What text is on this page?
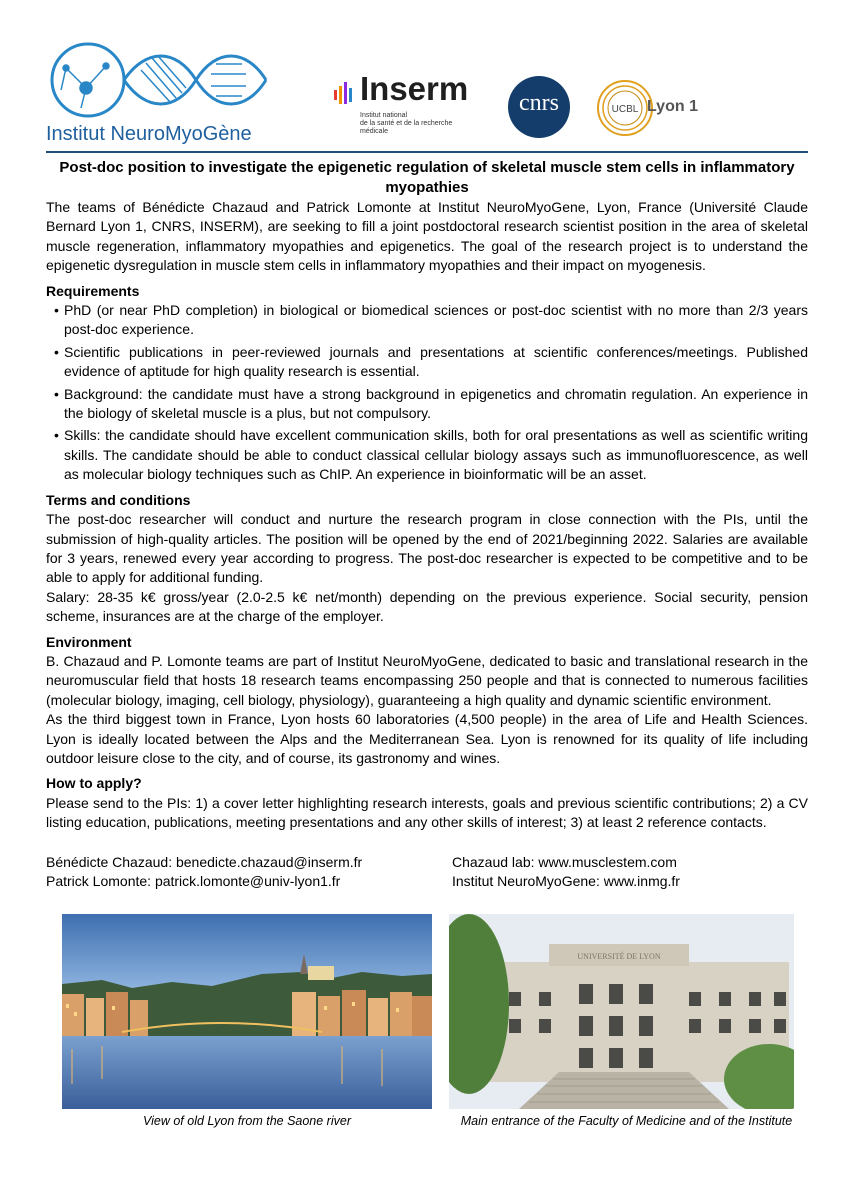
Institut NeuroMyoGène
Inserm
Institut national
de la santé et de la recherche médicale
cnrs	UCBL Lyon 1
Post-doc position to investigate the epigenetic regulation of skeletal muscle stem cells in inflammatory myopathies

The teams of Bénédicte Chazaud and Patrick Lomonte at Institut NeuroMyoGene, Lyon, France (Université Claude Bernard Lyon 1, CNRS, INSERM), are seeking to fill a joint postdoctoral research scientist position in the area of skeletal muscle regeneration, inflammatory myopathies and epigenetics. The goal of the research project is to understand the epigenetic dysregulation in muscle stem cells in inflammatory myopathies and their impact on myogenesis.

Requirements
• PhD (or near PhD completion) in biological or biomedical sciences or post-doc scientist with no more than 2/3 years post-doc experience.
• Scientific publications in peer-reviewed journals and presentations at scientific conferences/meetings. Published evidence of aptitude for high quality research is essential.
• Background: the candidate must have a strong background in epigenetics and chromatin regulation. An experience in the biology of skeletal muscle is a plus, but not compulsory.
• Skills: the candidate should have excellent communication skills, both for oral presentations as well as scientific writing skills. The candidate should be able to conduct classical cellular biology assays such as immunofluorescence, as well as molecular biology techniques such as ChIP. An experience in bioinformatic will be an asset.
Terms and conditions

The post-doc researcher will conduct and nurture the research program in close connection with the PIs, until the submission of high-quality articles. The position will be opened by the end of 2021/beginning 2022. Salaries are available for 3 years, renewed every year according to progress. The post-doc researcher is expected to be competitive and to be able to apply for additional funding.

Salary: 28-35 k€ gross/year (2.0-2.5 k€ net/month) depending on the previous experience. Social security, pension scheme, insurances are at the charge of the employer.

Environment

B. Chazaud and P. Lomonte teams are part of Institut NeuroMyoGene, dedicated to basic and translational research in the neuromuscular field that hosts 18 research teams encompassing 250 people and that is connected to numerous facilities (molecular biology, imaging, cell biology, physiology), guaranteeing a high quality and dynamic scientific environment.

As the third biggest town in France, Lyon hosts 60 laboratories (4,500 people) in the area of Life and Health Sciences. Lyon is ideally located between the Alps and the Mediterranean Sea. Lyon is renowned for its quality of life including outdoor leisure close to the city, and of course, its gastronomy and wines.

How to apply?

Please send to the PIs: 1) a cover letter highlighting research interests, goals and previous scientific contributions; 2) a CV listing education, publications, meeting presentations and any other skills of interest; 3) at least 2 reference contacts.

Bénédicte Chazaud: benedicte.chazaud@inserm.fr
Patrick Lomonte: patrick.lomonte@univ-lyon1.fr
Chazaud lab: www.musclestem.com
Institut NeuroMyoGene: www.inmg.fr
View of old Lyon from the Saone river
UNIVERSITÉ DE LYON
Main entrance of the Faculty of Medicine and of the Institute
